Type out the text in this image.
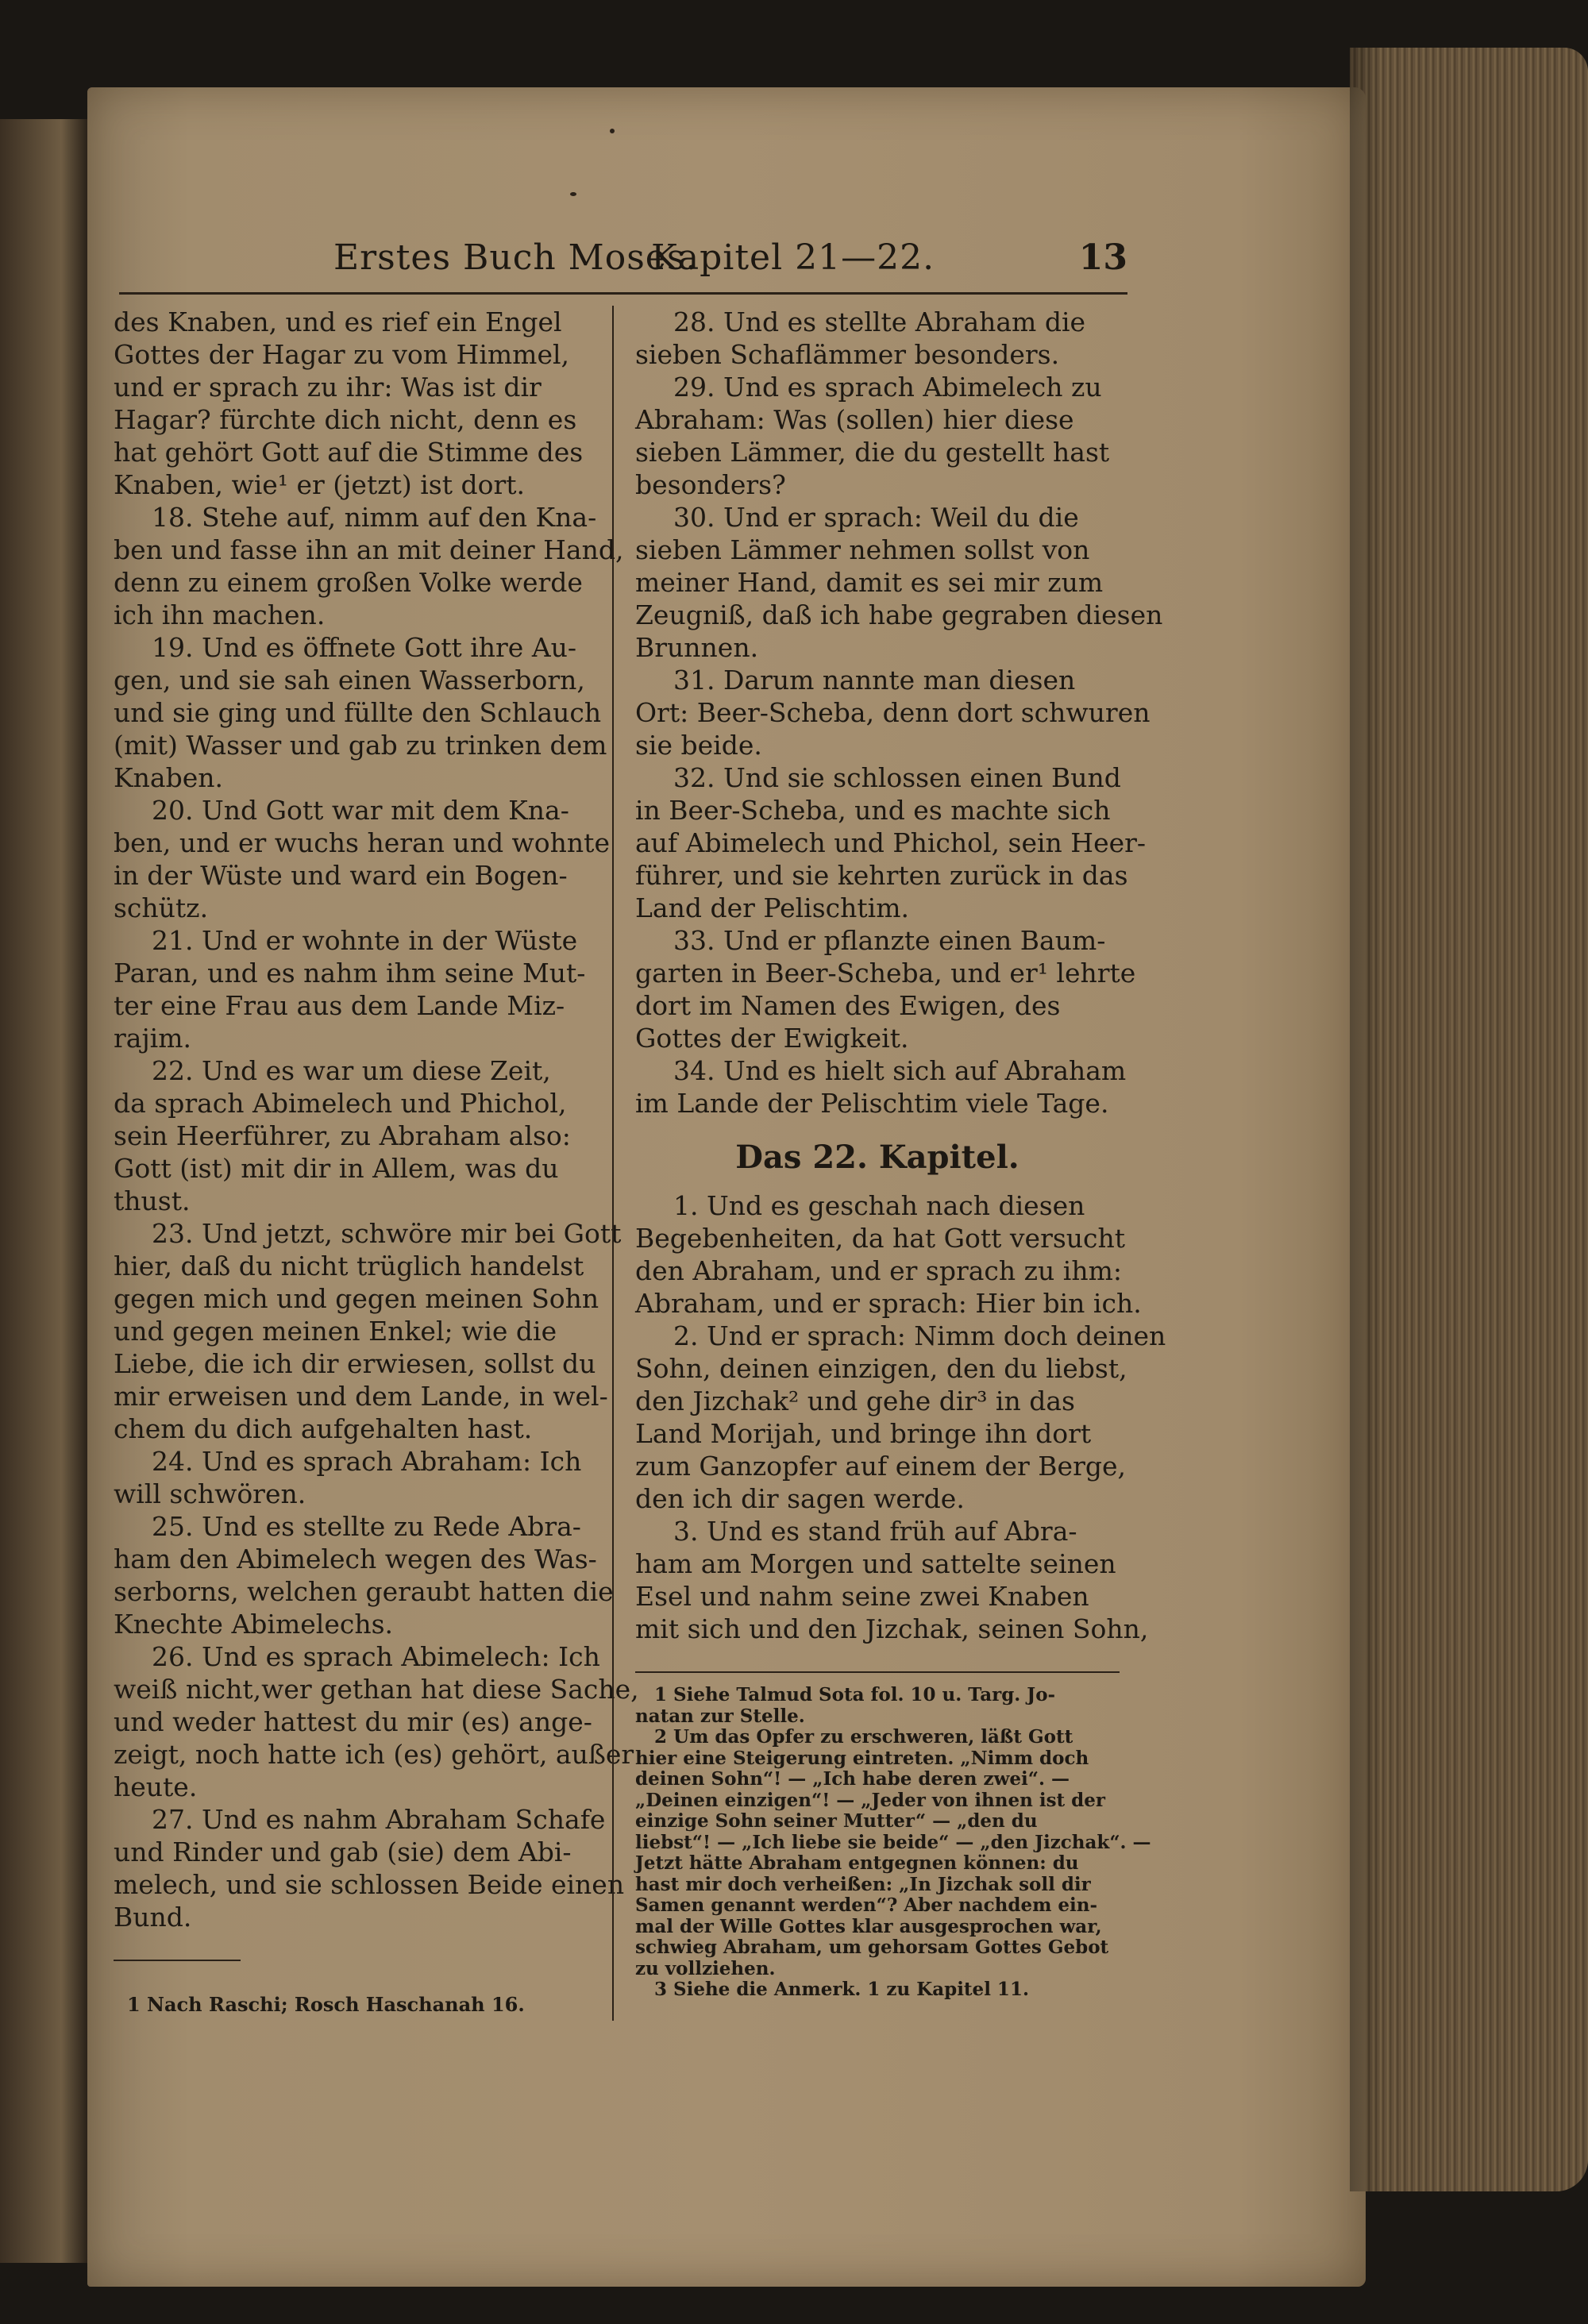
Erstes Buch Moses.
Kapitel 21—22.	13
des Knaben, und es rief ein Engel
Gottes der Hagar zu vom Himmel,
und er sprach zu ihr: Was ist dir
Hagar? fürchte dich nicht, denn es
hat gehört Gott auf die Stimme des
Knaben, wie¹ er (jetzt) ist dort.
18. Stehe auf, nimm auf den Kna-
ben und fasse ihn an mit deiner Hand,
denn zu einem großen Volke werde
ich ihn machen.
19. Und es öffnete Gott ihre Au-
gen, und sie sah einen Wasserborn,
und sie ging und füllte den Schlauch
(mit) Wasser und gab zu trinken dem
Knaben.
20. Und Gott war mit dem Kna-
ben, und er wuchs heran und wohnte
in der Wüste und ward ein Bogen-
schütz.
21. Und er wohnte in der Wüste
Paran, und es nahm ihm seine Mut-
ter eine Frau aus dem Lande Miz-
rajim.
22. Und es war um diese Zeit,
da sprach Abimelech und Phichol,
sein Heerführer, zu Abraham also:
Gott (ist) mit dir in Allem, was du
thust.
23. Und jetzt, schwöre mir bei Gott
hier, daß du nicht trüglich handelst
gegen mich und gegen meinen Sohn
und gegen meinen Enkel; wie die
Liebe, die ich dir erwiesen, sollst du
mir erweisen und dem Lande, in wel-
chem du dich aufgehalten hast.
24. Und es sprach Abraham: Ich
will schwören.
25. Und es stellte zu Rede Abra-
ham den Abimelech wegen des Was-
serborns, welchen geraubt hatten die
Knechte Abimelechs.
26. Und es sprach Abimelech: Ich
weiß nicht,wer gethan hat diese Sache,
und weder hattest du mir (es) ange-
zeigt, noch hatte ich (es) gehört, außer
heute.
27. Und es nahm Abraham Schafe
und Rinder und gab (sie) dem Abi-
melech, und sie schlossen Beide einen
Bund.
28. Und es stellte Abraham die
sieben Schaflämmer besonders.
29. Und es sprach Abimelech zu
Abraham: Was (sollen) hier diese
sieben Lämmer, die du gestellt hast
besonders?
30. Und er sprach: Weil du die
sieben Lämmer nehmen sollst von
meiner Hand, damit es sei mir zum
Zeugniß, daß ich habe gegraben diesen
Brunnen.
31. Darum nannte man diesen
Ort: Beer-Scheba, denn dort schwuren
sie beide.
32. Und sie schlossen einen Bund
in Beer-Scheba, und es machte sich
auf Abimelech und Phichol, sein Heer-
führer, und sie kehrten zurück in das
Land der Pelischtim.
33. Und er pflanzte einen Baum-
garten in Beer-Scheba, und er¹ lehrte
dort im Namen des Ewigen, des
Gottes der Ewigkeit.
34. Und es hielt sich auf Abraham
im Lande der Pelischtim viele Tage.
Das 22. Kapitel.
1. Und es geschah nach diesen
Begebenheiten, da hat Gott versucht
den Abraham, und er sprach zu ihm:
Abraham, und er sprach: Hier bin ich.
2. Und er sprach: Nimm doch deinen
Sohn, deinen einzigen, den du liebst,
den Jizchak² und gehe dir³ in das
Land Morijah, und bringe ihn dort
zum Ganzopfer auf einem der Berge,
den ich dir sagen werde.
3. Und es stand früh auf Abra-
ham am Morgen und sattelte seinen
Esel und nahm seine zwei Knaben
mit sich und den Jizchak, seinen Sohn,
1 Nach Raschi; Rosch Haschanah 16.
1 Siehe Talmud Sota fol. 10 u. Targ. Jo-
natan zur Stelle.
2 Um das Opfer zu erschweren, läßt Gott
hier eine Steigerung eintreten. „Nimm doch
deinen Sohn“! — „Ich habe deren zwei“. —
„Deinen einzigen“! — „Jeder von ihnen ist der
einzige Sohn seiner Mutter“ — „den du
liebst“! — „Ich liebe sie beide“ — „den Jizchak“. —
Jetzt hätte Abraham entgegnen können: du
hast mir doch verheißen: „In Jizchak soll dir
Samen genannt werden“? Aber nachdem ein-
mal der Wille Gottes klar ausgesprochen war,
schwieg Abraham, um gehorsam Gottes Gebot
zu vollziehen.
3 Siehe die Anmerk. 1 zu Kapitel 11.
